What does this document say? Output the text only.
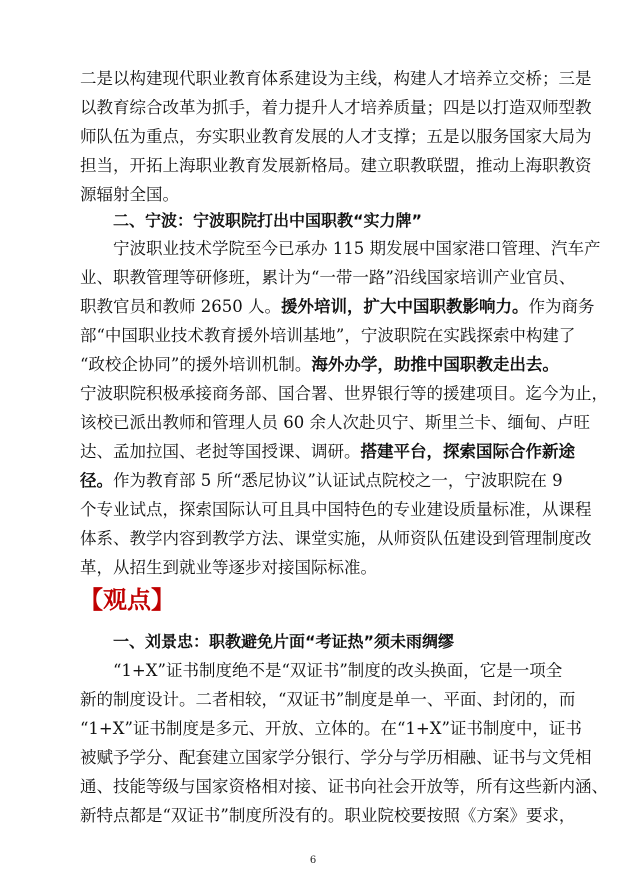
二是以构建现代职业教育体系建设为主线，构建人才培养立交桥；三是
以教育综合改革为抓手，着力提升人才培养质量；四是以打造双师型教
师队伍为重点，夯实职业教育发展的人才支撑；五是以服务国家大局为
担当，开拓上海职业教育发展新格局。建立职教联盟，推动上海职教资
源辐射全国。
二、宁波：宁波职院打出中国职教“实力牌”
宁波职业技术学院至今已承办 115 期发展中国家港口管理、汽车产
业、职教管理等研修班，累计为“一带一路”沿线国家培训产业官员、
职教官员和教师 2650 人。援外培训，扩大中国职教影响力。作为商务
部“中国职业技术教育援外培训基地”，宁波职院在实践探索中构建了
“政校企协同”的援外培训机制。海外办学，助推中国职教走出去。
宁波职院积极承接商务部、国合署、世界银行等的援建项目。迄今为止，
该校已派出教师和管理人员 60 余人次赴贝宁、斯里兰卡、缅甸、卢旺
达、孟加拉国、老挝等国授课、调研。搭建平台，探索国际合作新途
径。作为教育部 5 所“悉尼协议”认证试点院校之一，宁波职院在 9
个专业试点，探索国际认可且具中国特色的专业建设质量标准，从课程
体系、教学内容到教学方法、课堂实施，从师资队伍建设到管理制度改
革，从招生到就业等逐步对接国际标准。
【观点】
一、刘景忠：职教避免片面“考证热”须未雨绸缪
“1+X”证书制度绝不是“双证书”制度的改头换面，它是一项全
新的制度设计。二者相较，“双证书”制度是单一、平面、封闭的，而
“1+X”证书制度是多元、开放、立体的。在“1+X”证书制度中，证书
被赋予学分、配套建立国家学分银行、学分与学历相融、证书与文凭相
通、技能等级与国家资格相对接、证书向社会开放等，所有这些新内涵、
新特点都是“双证书”制度所没有的。职业院校要按照《方案》要求，
6
